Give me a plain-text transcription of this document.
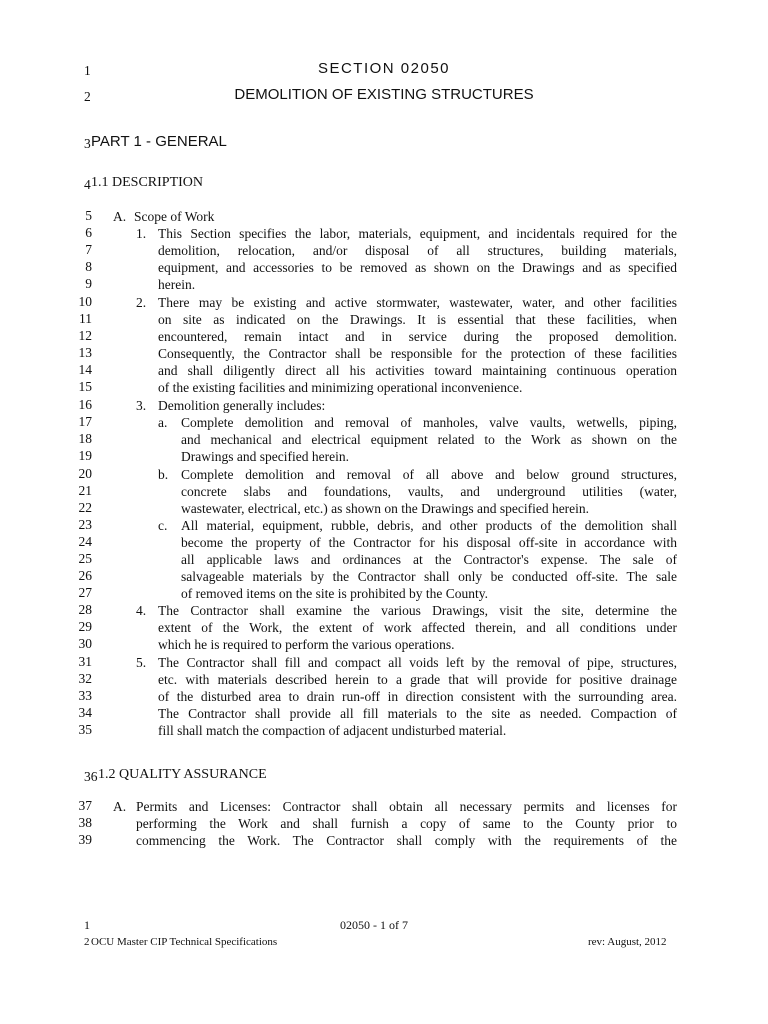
1	SECTION 02050
2	DEMOLITION OF EXISTING STRUCTURES
3 PART 1 - GENERAL
4 1.1 DESCRIPTION
5 A. Scope of Work
6	1. This Section specifies the labor, materials, equipment, and incidentals required for the
7	demolition, relocation, and/or disposal of all structures, building materials,
8	equipment, and accessories to be removed as shown on the Drawings and as specified
9	herein.
10	2. There may be existing and active stormwater, wastewater, water, and other facilities
11	on site as indicated on the Drawings. It is essential that these facilities, when
12	encountered, remain intact and in service during the proposed demolition.
13	Consequently, the Contractor shall be responsible for the protection of these facilities
14	and shall diligently direct all his activities toward maintaining continuous operation
15	of the existing facilities and minimizing operational inconvenience.
16	3. Demolition generally includes:
17	a. Complete demolition and removal of manholes, valve vaults, wetwells, piping,
18	and mechanical and electrical equipment related to the Work as shown on the
19	Drawings and specified herein.
20	b. Complete demolition and removal of all above and below ground structures,
21	concrete slabs and foundations, vaults, and underground utilities (water,
22	wastewater, electrical, etc.) as shown on the Drawings and specified herein.
23	c. All material, equipment, rubble, debris, and other products of the demolition shall
24	become the property of the Contractor for his disposal off-site in accordance with
25	all applicable laws and ordinances at the Contractor's expense. The sale of
26	salvageable materials by the Contractor shall only be conducted off-site. The sale
27	of removed items on the site is prohibited by the County.
28	4. The Contractor shall examine the various Drawings, visit the site, determine the
29	extent of the Work, the extent of work affected therein, and all conditions under
30	which he is required to perform the various operations.
31	5. The Contractor shall fill and compact all voids left by the removal of pipe, structures,
32	etc. with materials described herein to a grade that will provide for positive drainage
33	of the disturbed area to drain run-off in direction consistent with the surrounding area.
34	The Contractor shall provide all fill materials to the site as needed. Compaction of
35	fill shall match the compaction of adjacent undisturbed material.
37 A. Permits and Licenses: Contractor shall obtain all necessary permits and licenses for
38	performing the Work and shall furnish a copy of same to the County prior to
39	commencing the Work. The Contractor shall comply with the requirements of the
36 1.2 QUALITY ASSURANCE
1	02050 - 1 of 7
2 OCU Master CIP Technical Specifications	rev: August, 2012
